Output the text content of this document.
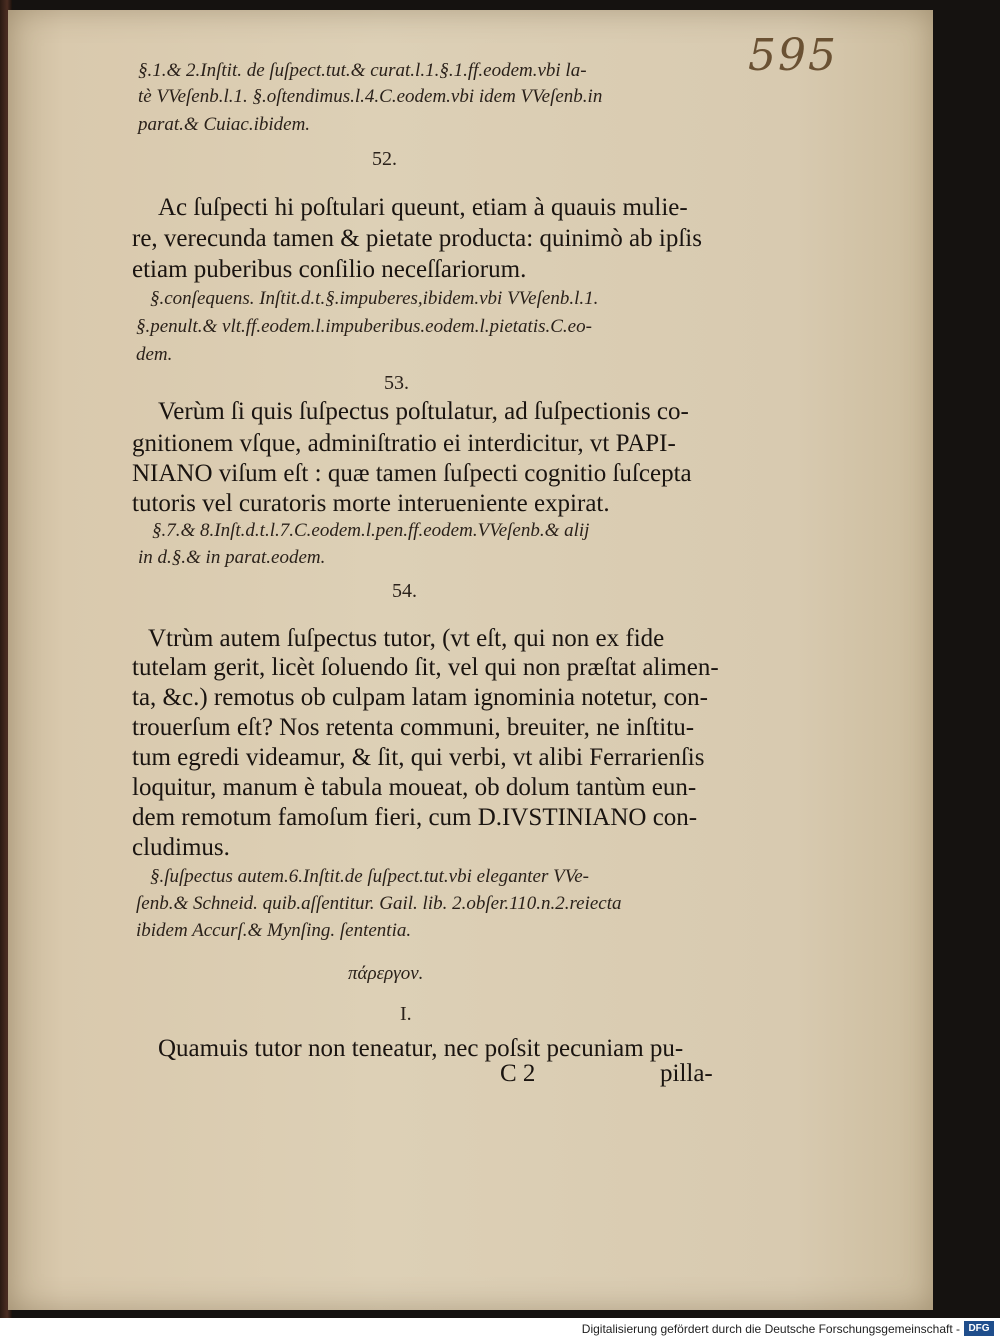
595
§.1.& 2.Inſtit. de ſuſpect.tut.& curat.l.1.§.1.ff.eodem.vbi la-
tè VVeſenb.l.1. §.oſtendimus.l.4.C.eodem.vbi idem VVeſenb.in
parat.& Cuiac.ibidem.
52.
Ac ſuſpecti hi poſtulari queunt, etiam à quauis mulie-
re, verecunda tamen & pietate producta: quinimò ab ipſis
etiam puberibus conſilio neceſſariorum.
§.conſequens. Inſtit.d.t.§.impuberes,ibidem.vbi VVeſenb.l.1.
§.penult.& vlt.ff.eodem.l.impuberibus.eodem.l.pietatis.C.eo-
dem.
53.
Verùm ſi quis ſuſpectus poſtulatur, ad ſuſpectionis co-
gnitionem vſque, adminiſtratio ei interdicitur, vt PAPI-
NIANO viſum eſt : quæ tamen ſuſpecti cognitio ſuſcepta
tutoris vel curatoris morte interueniente expirat.
§.7.& 8.Inſt.d.t.l.7.C.eodem.l.pen.ff.eodem.VVeſenb.& alij
in d.§.& in parat.eodem.
54.
Vtrùm autem ſuſpectus tutor, (vt eſt, qui non ex fide
tutelam gerit, licèt ſoluendo ſit, vel qui non præſtat alimen-
ta, &c.) remotus ob culpam latam ignominia notetur, con-
trouerſum eſt? Nos retenta communi, breuiter, ne inſtitu-
tum egredi videamur, & ſit, qui verbi, vt alibi Ferrarienſis
loquitur, manum è tabula moueat, ob dolum tantùm eun-
dem remotum famoſum fieri, cum D.IVSTINIANO con-
cludimus.
§.ſuſpectus autem.6.Inſtit.de ſuſpect.tut.vbi eleganter VVe-
ſenb.& Schneid. quib.aſſentitur. Gail. lib. 2.obſer.110.n.2.reiecta
ibidem Accurſ.& Mynſing. ſententia.
πάρεργον.
I.
Quamuis tutor non teneatur, nec poſsit pecuniam pu-
C 2	pilla-
Digitalisierung gefördert durch die Deutsche Forschungsgemeinschaft - DFG
